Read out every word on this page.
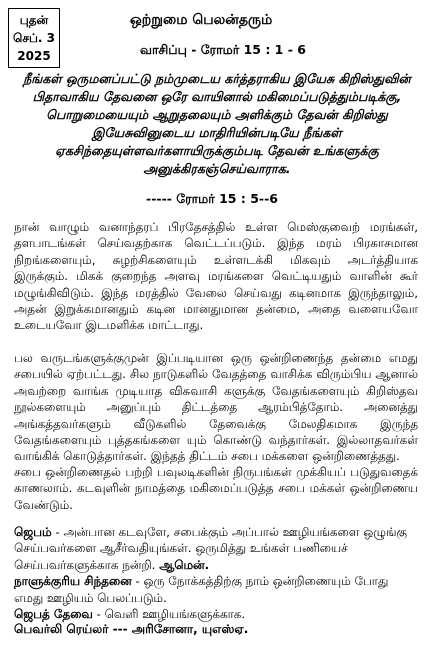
புதன்
செப். 3
2025
ஒற்றுமை பெலன்தரும்
வாசிப்பு - ரோமர் 15 : 1 - 6
நீங்கள் ஒருமனப்பட்டு நம்முடைய கர்த்தராகிய இயேசு கிறிஸ்துவின் பிதாவாகிய தேவனை ஒரே வாயினால் மகிமைப்படுத்தும்படிக்கு, பொறுமையையும் ஆறுதலையும் அளிக்கும் தேவன் கிறிஸ்து இயேசுவினுடைய மாதிரியின்படியே நீங்கள் ஏகசிந்தையுள்ளவர்களாயிருக்கும்படி தேவன் உங்களுக்கு அனுக்கிரகஞ்செய்வாராக.
----- ரோமர் 15 : 5--6
நான் வாழும் வனாந்தரப் பிரதேசத்தில் உள்ள மெஸ்குவைற் மரங்கள், தளபாடங்கள் செய்வதற்காக வெட்டப்படும். இந்த மரம் பிரகாசமான நிறங்களையும், சுழற்சிகளையும் உள்ளடக்கி மிகவும் அடர்த்தியாக இருக்கும். மிகக் குறைந்த அளவு மரங்களை வெட்டியதும் வாளின் கூர் மழுங்கிவிடும். இந்த மரத்தில் வேலை செய்வது கடினமாக இருந்தாலும், அதன் இறுக்கமானதும் கடின மானதுமான தன்மை, அதை வளையவோ உடையவோ இடமளிக்க மாட்டாது.
பல வருடங்களுக்குமுன் இப்படியான ஒரு ஒன்றிணைந்த தன்மை எமது சபையில் ஏற்பட்டது. சில நாடுகளில் வேதத்தை வாசிக்க விரும்பிய ஆனால் அவற்றை வாங்க முடியாத விசுவாசி களுக்கு வேதங்களையும் கிறிஸ்தவ நூல்களையும் அனுப்பும் திட்டத்தை ஆரம்பித்தோம். அனைத்து அங்கத்தவர்களும் வீடுகளில் தேவைக்கு மேலதிகமாக இருந்த வேதங்களையும் புத்தகங்களை யும் கொண்டு வந்தார்கள். இல்லாதவர்கள் வாங்கிக் கொடுத்தார்கள். இந்தத் திட்டம் சபை மக்களை ஒன்றிணைத்தது.
சபை ஒன்றிணைதல் பற்றி பவுலடிகளின் நிருபங்கள் முக்கியப் படுதுவதைக் காணலாம். கடவுளின் நாமத்தை மகிமைப்படுத்த சபை மக்கள் ஒன்றிணைய வேண்டும்.
ஜெபம் - அன்பான கடவுளே, சபைக்கும் அப்பால் ஊழியங்களை ஒழுங்கு செய்பவர்களை ஆசீர்வதியுங்கள். ஒருமித்து உங்கள் பணியைச் செய்பவர்களுக்காக நன்றி. ஆமென்.
நாளுக்குரிய சிந்தனை - ஒரு நோக்கத்திற்கு நாம் ஒன்றிணையும் போது எமது ஊழியம் பெலப்படும்.
ஜெபத் தேவை - வெளி ஊழியங்களுக்காக.
பெவர்லி ரெய்லர் --- அரிசோனா, யுஎஸ்ஏ.
